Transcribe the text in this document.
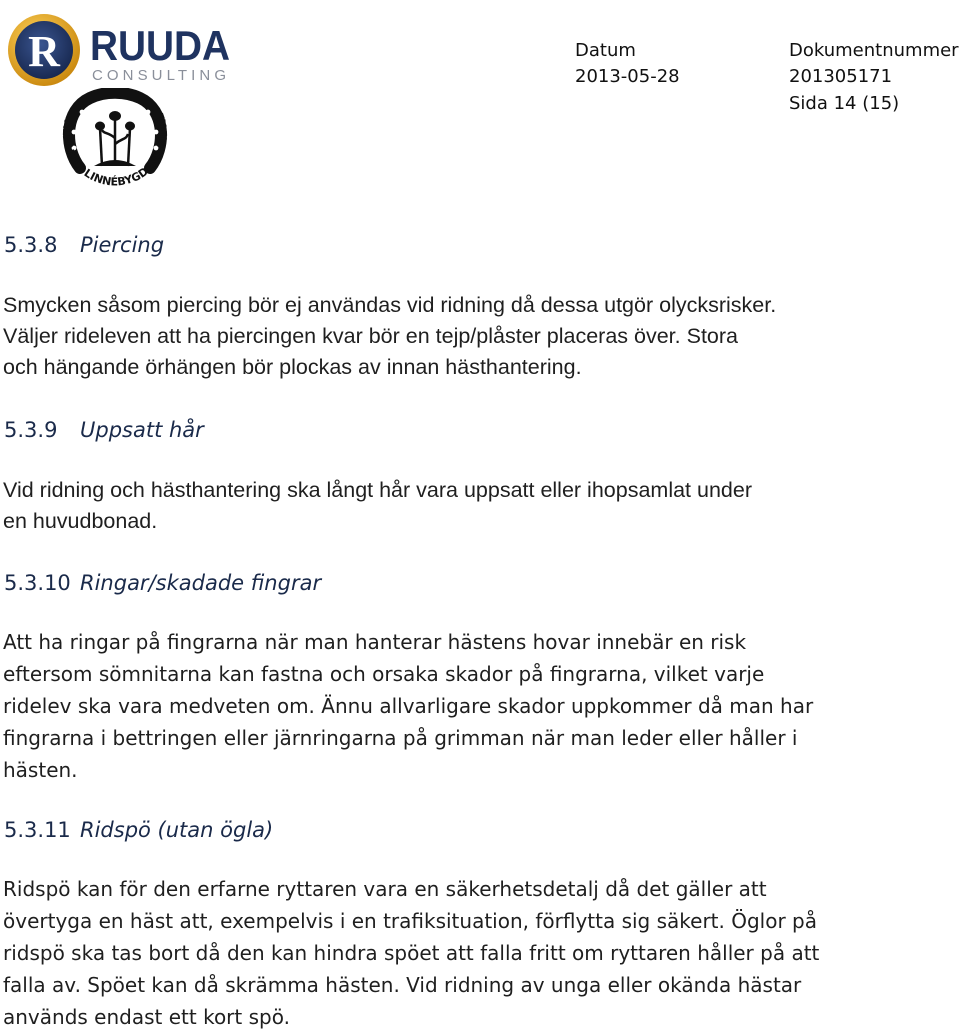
R RUUDA
CONSULTING
ÄLMHULT LINNÉBYGDENS RIDKL
Datum
2013-05-28
Dokumentnummer
201305171
Sida 14 (15)
5.3.8 Piercing
Smycken såsom piercing bör ej användas vid ridning då dessa utgör olycksrisker.
Väljer rideleven att ha piercingen kvar bör en tejp/plåster placeras över. Stora
och hängande örhängen bör plockas av innan hästhantering.
5.3.9 Uppsatt hår
Vid ridning och hästhantering ska långt hår vara uppsatt eller ihopsamlat under
en huvudbonad.
5.3.10 Ringar/skadade fingrar
Att ha ringar på fingrarna när man hanterar hästens hovar innebär en risk
eftersom sömnitarna kan fastna och orsaka skador på fingrarna, vilket varje
ridelev ska vara medveten om. Ännu allvarligare skador uppkommer då man har
fingrarna i bettringen eller järnringarna på grimman när man leder eller håller i
hästen.
5.3.11 Ridspö (utan ögla)
Ridspö kan för den erfarne ryttaren vara en säkerhetsdetalj då det gäller att
övertyga en häst att, exempelvis i en trafiksituation, förflytta sig säkert. Öglor på
ridspö ska tas bort då den kan hindra spöet att falla fritt om ryttaren håller på att
falla av. Spöet kan då skrämma hästen. Vid ridning av unga eller okända hästar
används endast ett kort spö.
